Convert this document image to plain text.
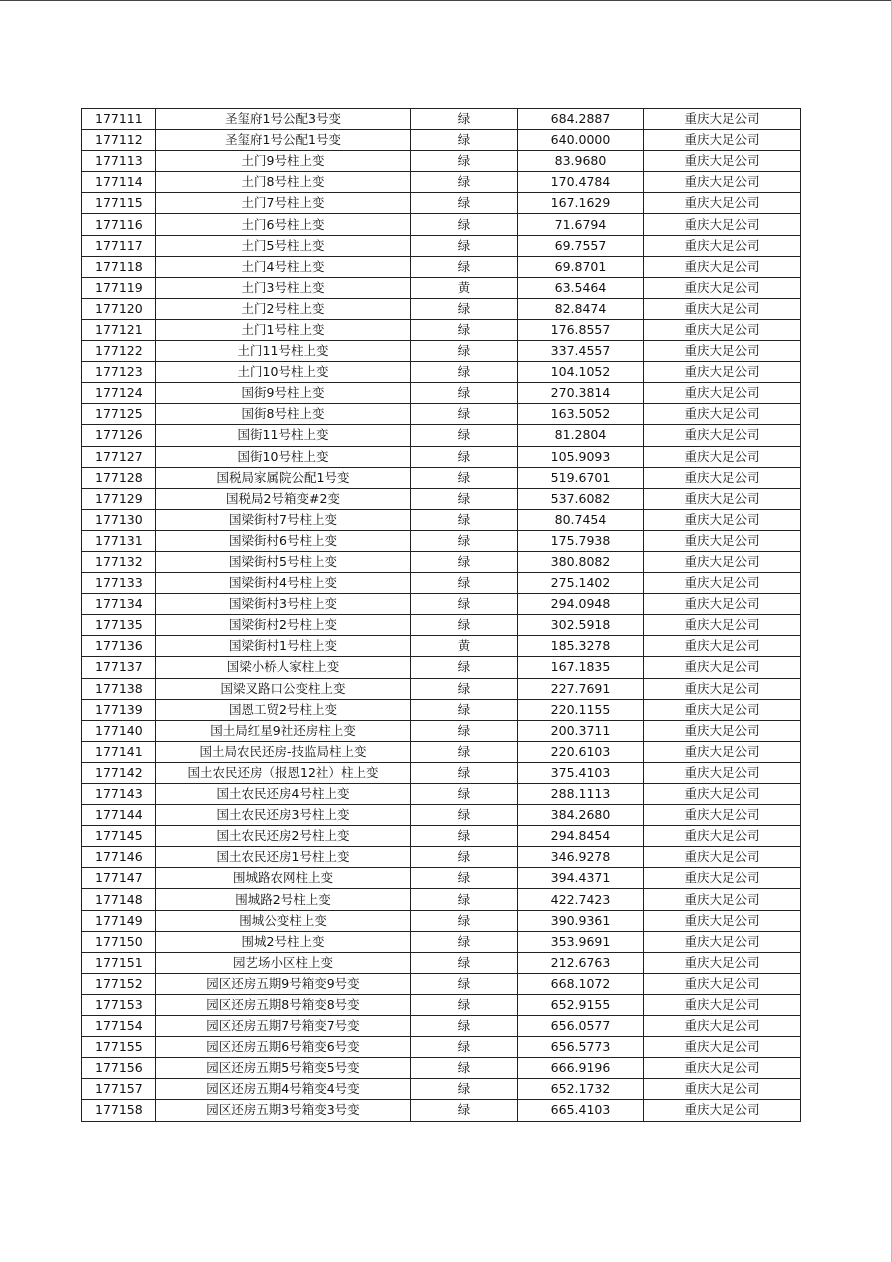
177111	圣玺府1号公配3号变	绿	684.2887	重庆大足公司
177112	圣玺府1号公配1号变	绿	640.0000	重庆大足公司
177113	土门9号柱上变	绿	83.9680	重庆大足公司
177114	土门8号柱上变	绿	170.4784	重庆大足公司
177115	土门7号柱上变	绿	167.1629	重庆大足公司
177116	土门6号柱上变	绿	71.6794	重庆大足公司
177117	土门5号柱上变	绿	69.7557	重庆大足公司
177118	土门4号柱上变	绿	69.8701	重庆大足公司
177119	土门3号柱上变	黄	63.5464	重庆大足公司
177120	土门2号柱上变	绿	82.8474	重庆大足公司
177121	土门1号柱上变	绿	176.8557	重庆大足公司
177122	土门11号柱上变	绿	337.4557	重庆大足公司
177123	土门10号柱上变	绿	104.1052	重庆大足公司
177124	国街9号柱上变	绿	270.3814	重庆大足公司
177125	国街8号柱上变	绿	163.5052	重庆大足公司
177126	国街11号柱上变	绿	81.2804	重庆大足公司
177127	国街10号柱上变	绿	105.9093	重庆大足公司
177128	国税局家属院公配1号变	绿	519.6701	重庆大足公司
177129	国税局2号箱变#2变	绿	537.6082	重庆大足公司
177130	国梁街村7号柱上变	绿	80.7454	重庆大足公司
177131	国梁街村6号柱上变	绿	175.7938	重庆大足公司
177132	国梁街村5号柱上变	绿	380.8082	重庆大足公司
177133	国梁街村4号柱上变	绿	275.1402	重庆大足公司
177134	国梁街村3号柱上变	绿	294.0948	重庆大足公司
177135	国梁街村2号柱上变	绿	302.5918	重庆大足公司
177136	国梁街村1号柱上变	黄	185.3278	重庆大足公司
177137	国梁小桥人家柱上变	绿	167.1835	重庆大足公司
177138	国梁叉路口公变柱上变	绿	227.7691	重庆大足公司
177139	国恩工贸2号柱上变	绿	220.1155	重庆大足公司
177140	国土局红星9社还房柱上变	绿	200.3711	重庆大足公司
177141	国土局农民还房-技监局柱上变	绿	220.6103	重庆大足公司
177142	国土农民还房（报恩12社）柱上变	绿	375.4103	重庆大足公司
177143	国土农民还房4号柱上变	绿	288.1113	重庆大足公司
177144	国土农民还房3号柱上变	绿	384.2680	重庆大足公司
177145	国土农民还房2号柱上变	绿	294.8454	重庆大足公司
177146	国土农民还房1号柱上变	绿	346.9278	重庆大足公司
177147	围城路农网柱上变	绿	394.4371	重庆大足公司
177148	围城路2号柱上变	绿	422.7423	重庆大足公司
177149	围城公变柱上变	绿	390.9361	重庆大足公司
177150	围城2号柱上变	绿	353.9691	重庆大足公司
177151	园艺场小区柱上变	绿	212.6763	重庆大足公司
177152	园区还房五期9号箱变9号变	绿	668.1072	重庆大足公司
177153	园区还房五期8号箱变8号变	绿	652.9155	重庆大足公司
177154	园区还房五期7号箱变7号变	绿	656.0577	重庆大足公司
177155	园区还房五期6号箱变6号变	绿	656.5773	重庆大足公司
177156	园区还房五期5号箱变5号变	绿	666.9196	重庆大足公司
177157	园区还房五期4号箱变4号变	绿	652.1732	重庆大足公司
177158	园区还房五期3号箱变3号变	绿	665.4103	重庆大足公司
